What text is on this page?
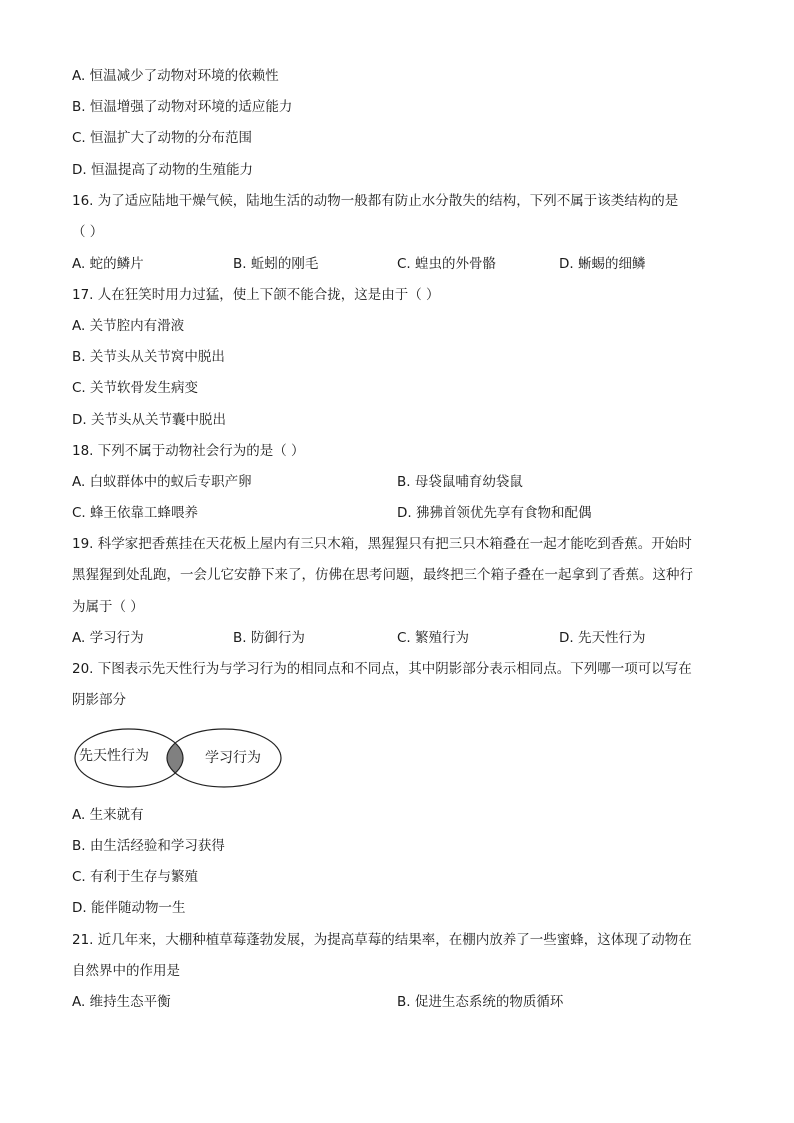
A. 恒温减少了动物对环境的依赖性
B. 恒温增强了动物对环境的适应能力
C. 恒温扩大了动物的分布范围
D. 恒温提高了动物的生殖能力
16. 为了适应陆地干燥气候，陆地生活的动物一般都有防止水分散失的结构，下列不属于该类结构的是
（ ）
A. 蛇的鳞片	B. 蚯蚓的刚毛	C. 蝗虫的外骨骼	D. 蜥蜴的细鳞
17. 人在狂笑时用力过猛，使上下颌不能合拢，这是由于（ ）
A. 关节腔内有滑液
B. 关节头从关节窝中脱出
C. 关节软骨发生病变
D. 关节头从关节囊中脱出
18. 下列不属于动物社会行为的是（ ）
A. 白蚁群体中的蚁后专职产卵	B. 母袋鼠哺育幼袋鼠
C. 蜂王依靠工蜂喂养	D. 狒狒首领优先享有食物和配偶
19. 科学家把香蕉挂在天花板上屋内有三只木箱，黑猩猩只有把三只木箱叠在一起才能吃到香蕉。开始时
黑猩猩到处乱跑，一会儿它安静下来了，仿佛在思考问题，最终把三个箱子叠在一起拿到了香蕉。这种行
为属于（ ）
A. 学习行为	B. 防御行为	C. 繁殖行为	D. 先天性行为
20. 下图表示先天性行为与学习行为的相同点和不同点，其中阴影部分表示相同点。下列哪一项可以写在
阴影部分
先天性行为	学习行为
A. 生来就有
B. 由生活经验和学习获得
C. 有利于生存与繁殖
D. 能伴随动物一生
21. 近几年来，大棚种植草莓蓬勃发展，为提高草莓的结果率，在棚内放养了一些蜜蜂，这体现了动物在
自然界中的作用是
A. 维持生态平衡	B. 促进生态系统的物质循环
